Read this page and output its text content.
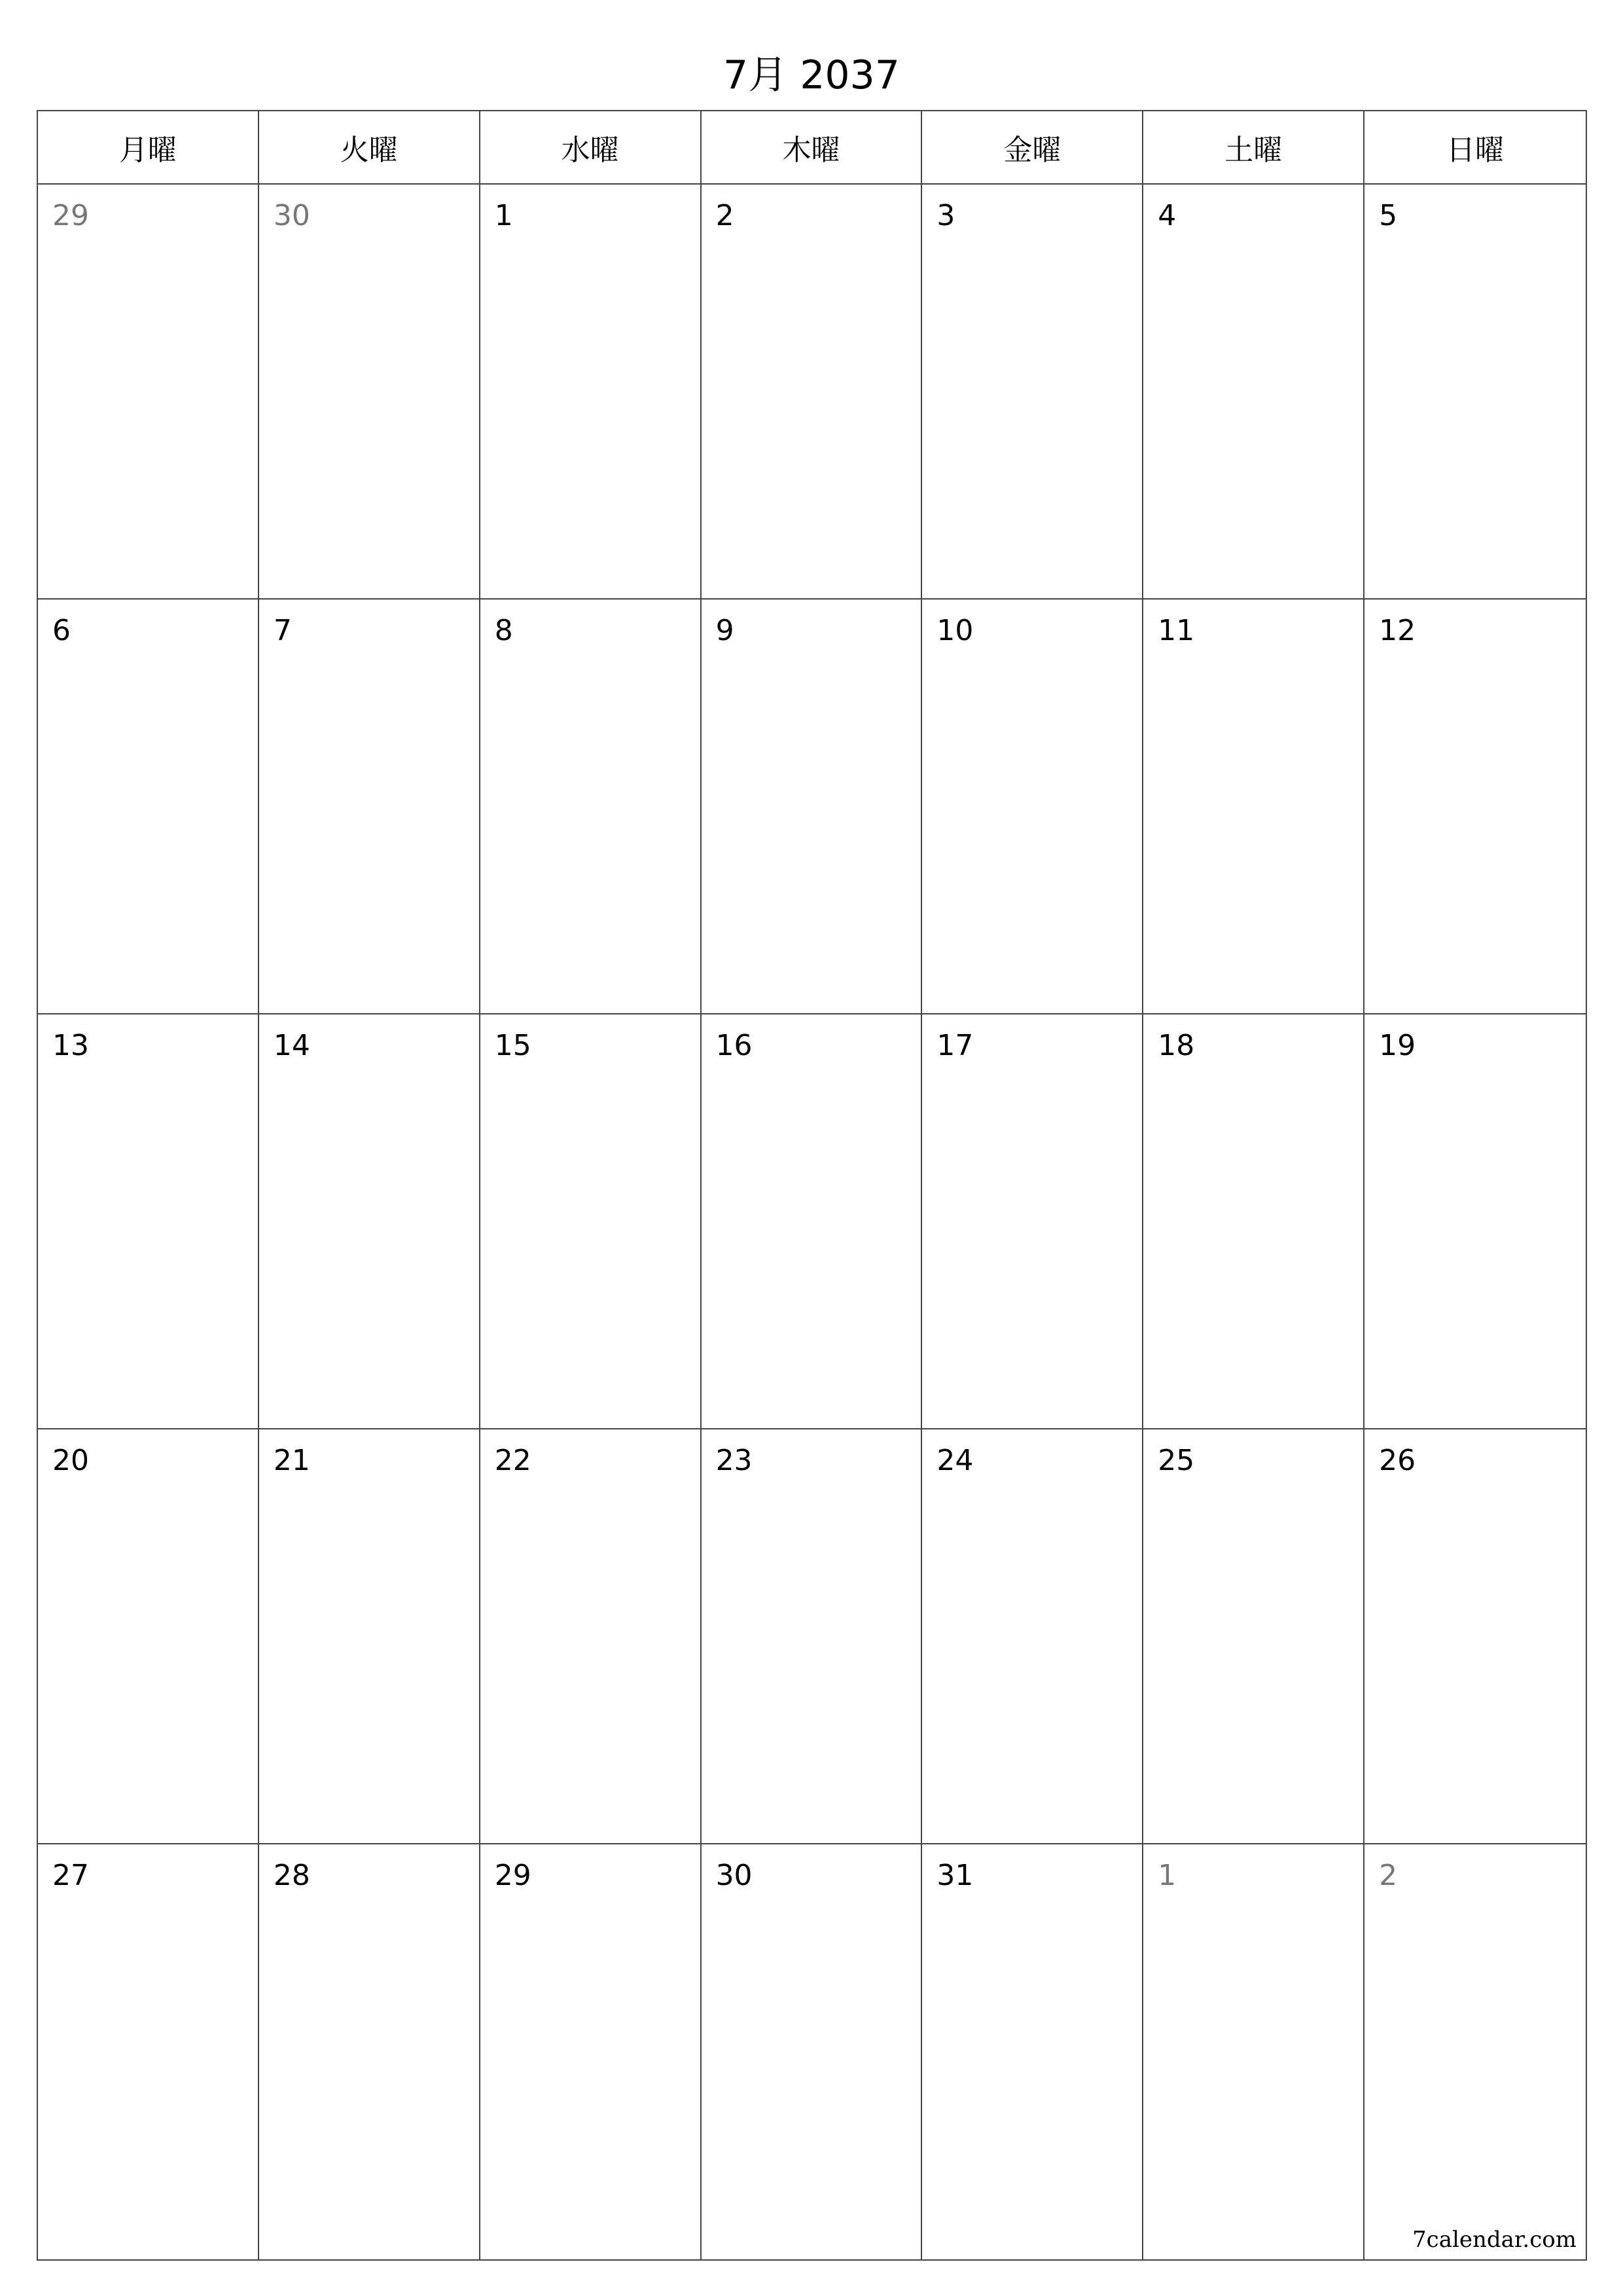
7月 2037
月曜	火曜	水曜	木曜	金曜	土曜	日曜
29	30	1	2	3	4	5
6	7	8	9	10	11	12
13	14	15	16	17	18	19
20	21	22	23	24	25	26
27	28	29	30	31	1	2
7calendar.com
